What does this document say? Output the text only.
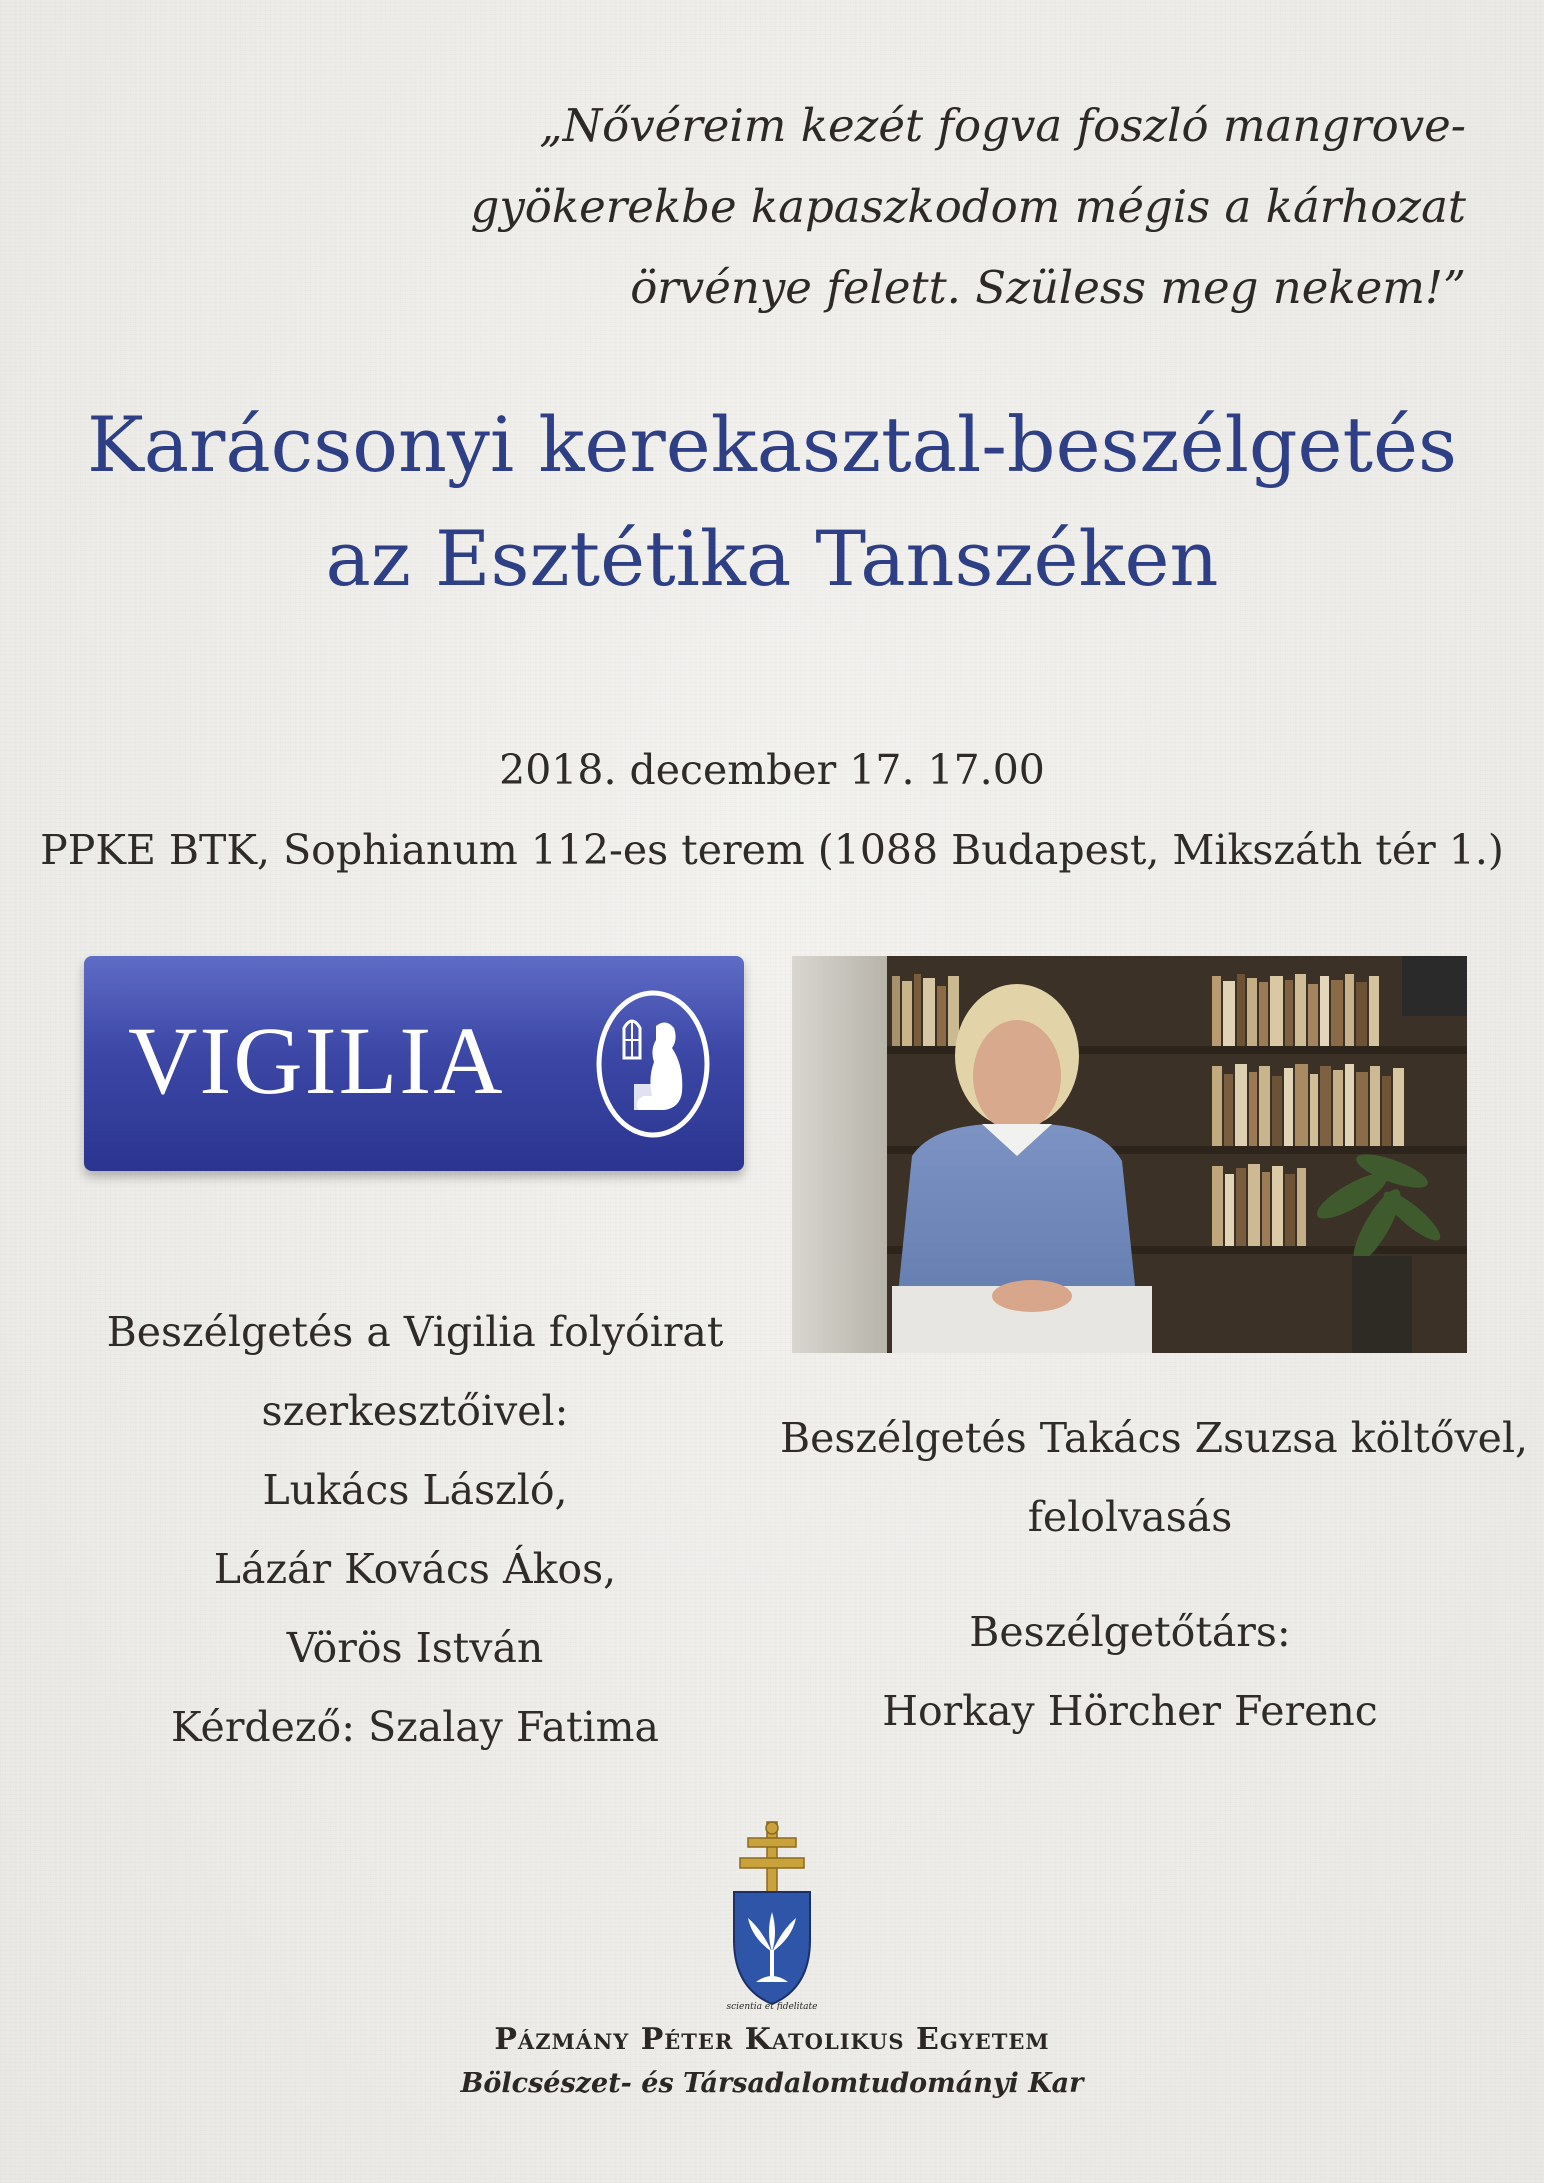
„Nővéreim kezét fogva foszló mangrove-
gyökerekbe kapaszkodom mégis a kárhozat
örvénye felett. Szüless meg nekem!”
Karácsonyi kerekasztal-beszélgetés
az Esztétika Tanszéken
2018. december 17. 17.00
PPKE BTK, Sophianum 112-es terem (1088 Budapest, Mikszáth tér 1.)
VIGILIA
Beszélgetés a Vigilia folyóirat
szerkesztőivel:
Lukács László,
Lázár Kovács Ákos,
Vörös István
Kérdező: Szalay Fatima
Beszélgetés Takács Zsuzsa költővel,
felolvasás
Beszélgetőtárs:
Horkay Hörcher Ferenc
scientia et fidelitate
Pázmány Péter Katolikus Egyetem
Bölcsészet- és Társadalomtudományi Kar
